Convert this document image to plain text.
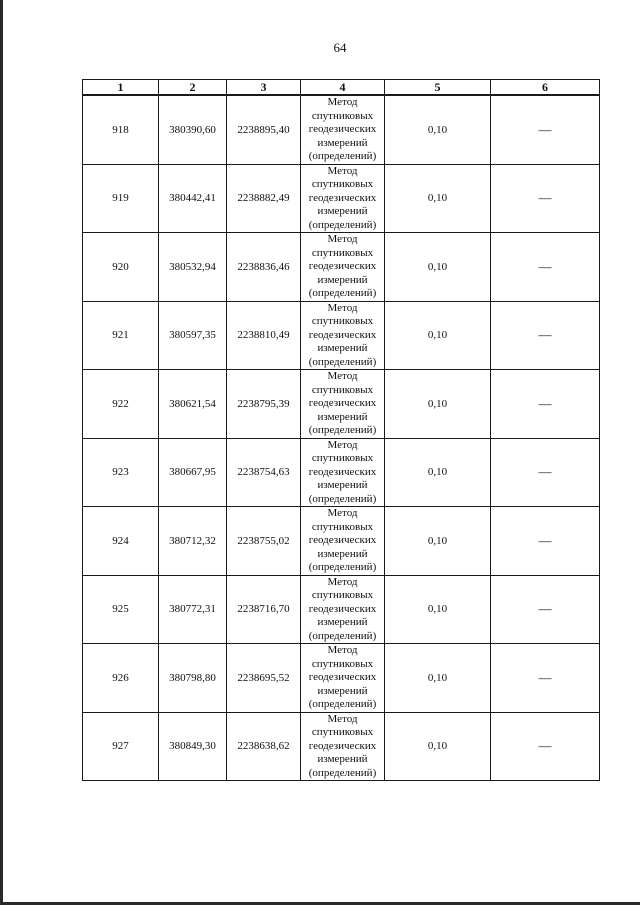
64
1	2	3	4	5	6
918	380390,60	2238895,40	Метод
спутниковых
геодезических
измерений
(определений)	0,10	—
919	380442,41	2238882,49	Метод
спутниковых
геодезических
измерений
(определений)	0,10	—
920	380532,94	2238836,46	Метод
спутниковых
геодезических
измерений
(определений)	0,10	—
921	380597,35	2238810,49	Метод
спутниковых
геодезических
измерений
(определений)	0,10	—
922	380621,54	2238795,39	Метод
спутниковых
геодезических
измерений
(определений)	0,10	—
923	380667,95	2238754,63	Метод
спутниковых
геодезических
измерений
(определений)	0,10	—
924	380712,32	2238755,02	Метод
спутниковых
геодезических
измерений
(определений)	0,10	—
925	380772,31	2238716,70	Метод
спутниковых
геодезических
измерений
(определений)	0,10	—
926	380798,80	2238695,52	Метод
спутниковых
геодезических
измерений
(определений)	0,10	—
927	380849,30	2238638,62	Метод
спутниковых
геодезических
измерений
(определений)	0,10	—
